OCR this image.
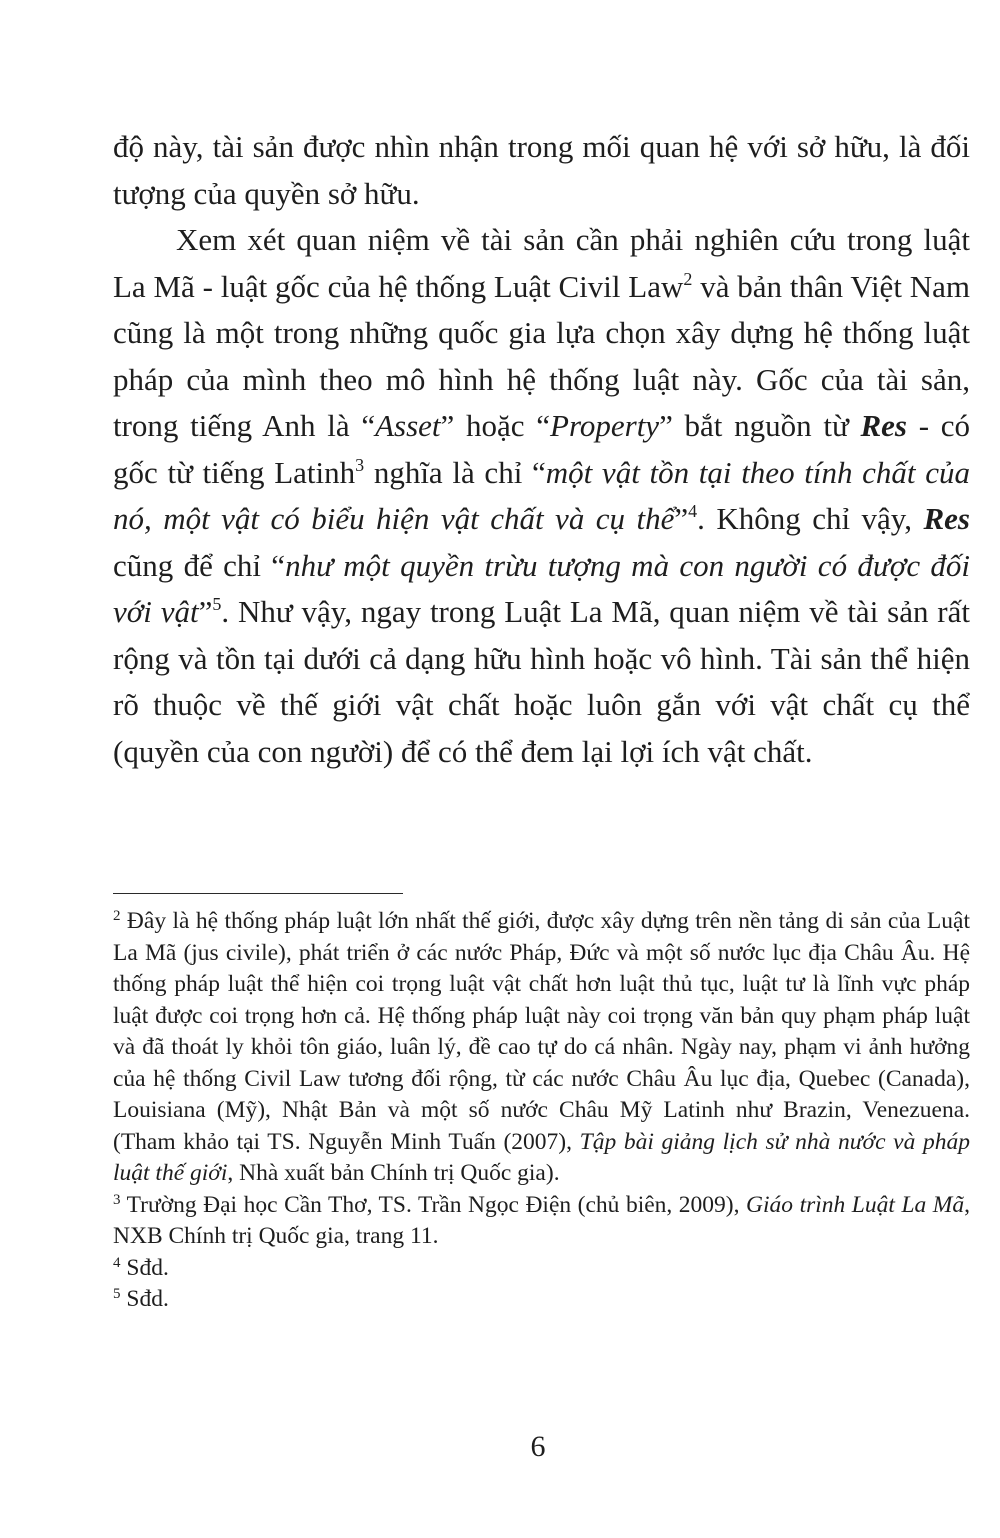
độ này, tài sản được nhìn nhận trong mối quan hệ với sở hữu, là đối tượng của quyền sở hữu.

Xem xét quan niệm về tài sản cần phải nghiên cứu trong luật La Mã - luật gốc của hệ thống Luật Civil Law$^2$ và bản thân Việt Nam cũng là một trong những quốc gia lựa chọn xây dựng hệ thống luật pháp của mình theo mô hình hệ thống luật này. Gốc của tài sản, trong tiếng Anh là “Asset” hoặc “Property” bắt nguồn từ Res - có gốc từ tiếng Latinh$^3$ nghĩa là chỉ “một vật tồn tại theo tính chất của nó, một vật có biểu hiện vật chất và cụ thể”$^4$. Không chỉ vậy, Res cũng để chỉ “như một quyền trừu tượng mà con người có được đối với vật”$^5$. Như vậy, ngay trong Luật La Mã, quan niệm về tài sản rất rộng và tồn tại dưới cả dạng hữu hình hoặc vô hình. Tài sản thể hiện rõ thuộc về thế giới vật chất hoặc luôn gắn với vật chất cụ thể (quyền của con người) để có thể đem lại lợi ích vật chất.

$^2$ Đây là hệ thống pháp luật lớn nhất thế giới, được xây dựng trên nền tảng di sản của Luật La Mã (jus civile), phát triển ở các nước Pháp, Đức và một số nước lục địa Châu Âu. Hệ thống pháp luật thể hiện coi trọng luật vật chất hơn luật thủ tục, luật tư là lĩnh vực pháp luật được coi trọng hơn cả. Hệ thống pháp luật này coi trọng văn bản quy phạm pháp luật và đã thoát ly khỏi tôn giáo, luân lý, đề cao tự do cá nhân. Ngày nay, phạm vi ảnh hưởng của hệ thống Civil Law tương đối rộng, từ các nước Châu Âu lục địa, Quebec (Canada), Louisiana (Mỹ), Nhật Bản và một số nước Châu Mỹ Latinh như Brazin, Venezuena. (Tham khảo tại TS. Nguyễn Minh Tuấn (2007), Tập bài giảng lịch sử nhà nước và pháp luật thế giới, Nhà xuất bản Chính trị Quốc gia).

$^3$ Trường Đại học Cần Thơ, TS. Trần Ngọc Điện (chủ biên, 2009), Giáo trình Luật La Mã, NXB Chính trị Quốc gia, trang 11.

$^4$ Sđd.

$^5$ Sđd.

6
